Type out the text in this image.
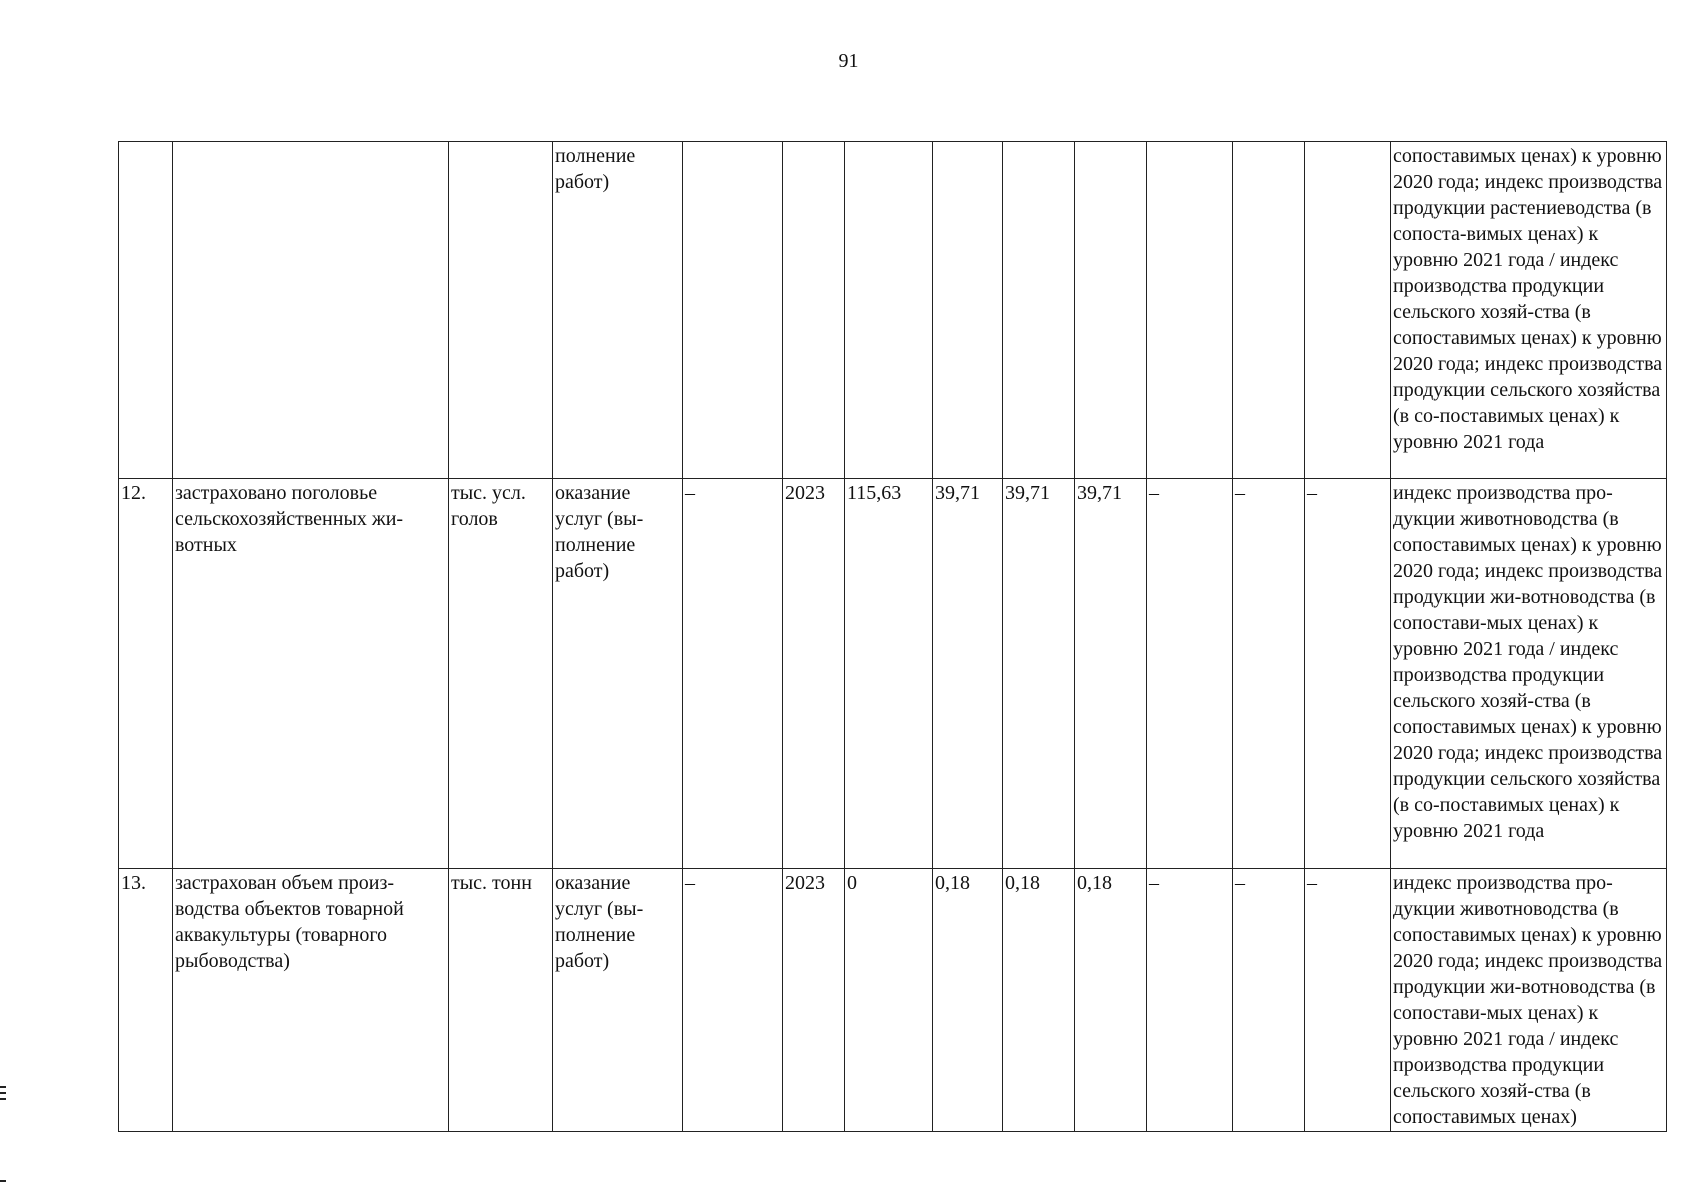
91
			полнение работ)										сопоставимых ценах) к уровню 2020 года; индекс производства продукции растениеводства (в сопоста-вимых ценах) к уровню 2021 года / индекс производства продукции сельского хозяй-ства (в сопоставимых ценах) к уровню 2020 года; индекс производства продукции сельского хозяйства (в со-поставимых ценах) к уровню 2021 года
12.	застраховано поголовье сельскохозяйственных жи-вотных	тыс. усл. голов	оказание услуг (вы-полнение работ)	–	2023	115,63	39,71	39,71	39,71	–	–	–	индекс производства про-дукции животноводства (в сопоставимых ценах) к уровню 2020 года; индекс производства продукции жи-вотноводства (в сопостави-мых ценах) к уровню 2021 года / индекс производства продукции сельского хозяй-ства (в сопоставимых ценах) к уровню 2020 года; индекс производства продукции сельского хозяйства (в со-поставимых ценах) к уровню 2021 года
13.	застрахован объем произ-водства объектов товарной аквакультуры (товарного рыбоводства)	тыс. тонн	оказание услуг (вы-полнение работ)	–	2023	0	0,18	0,18	0,18	–	–	–	индекс производства про-дукции животноводства (в сопоставимых ценах) к уровню 2020 года; индекс производства продукции жи-вотноводства (в сопостави-мых ценах) к уровню 2021 года / индекс производства продукции сельского хозяй-ства (в сопоставимых ценах)
